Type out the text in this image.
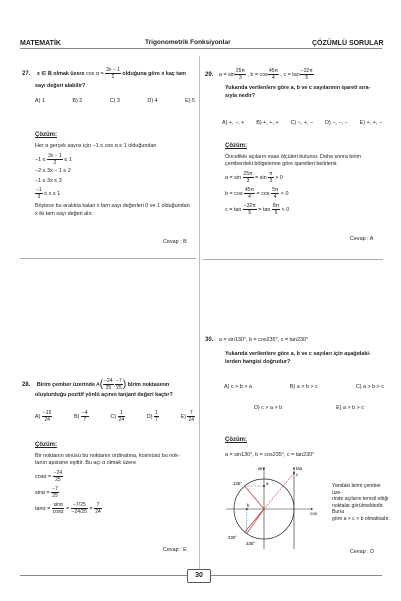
MATEMATİK	Trigonometrik Fonksiyonlar	ÇÖZÜMLÜ SORULAR
27. x ∈ ℝ olmak üzere $\cos \alpha = \frac{3x - 1}{2}$ olduğuna göre x kaç tam
sayı değeri alabilir?
A) 1	B) 2	C) 3	D) 4	E) 5
Çözüm:
Her α gerçek sayısı için −1 ≤ cos α ≤ 1 olduğundan
$-1 \le \frac{3x - 1}{2} \le 1$
−2 ≤ 3x − 1 ≤ 2
−1 ≤ 3x ≤ 3
$\frac{-1}{3} \le x \le 1$
Böylece bu aralıkta kalan x tam sayı değerleri 0 ve 1 olduğundan
x iki tam sayı değeri alır.
Cevap : B
28. Birim çember üzerinde $A( \frac{-24}{25}$ , $\frac{-7}{25}$ ) birim noktasının
oluşturduğu pozitif yönlü açının tanjant değeri kaçtır?
$A) \frac{-15}{24}$	$B) \frac{-4}{7}$	$C) \frac{1}{24}$	$D) \frac{1}{7}$	$E) \frac{7}{24}$
Çözüm:
Bir noktanın sinüsü bu noktanın ordinatına, kosinüsü bu nok-
tanın apsisine eşittir. Bu açı α olmak üzere
$\cos\alpha = \frac{-24}{25}$
$\sin\alpha = \frac{-7}{25}$
$\tan\alpha = \frac{\sin\alpha}{\cos\alpha} = \frac{-7/25}{-24/25} = \frac{7}{24}$
Cevap : E
29. $a = \sin \frac{25\pi}{3}$ , $b = \cos \frac{45\pi}{4}$ , $c = \tan \frac{-32\pi}{5}$
Yukarıda verilenlere göre a, b ve c sayılarının işareti sıra-
sıyla nedir?
A) +, −, + B) +, +, + C) −, +, − D) −, −, − E) +, +, −
Çözüm:
Öncelikle açıların esas ölçüleri bulunur. Daha sonra birim
çemberdeki bölgelerine göre işaretleri belirlenir.
$a = \sin \frac{25\pi}{3} = \sin \frac{\pi}{3} > 0$
$b = \cos \frac{45\pi}{4} = \cos \frac{5\pi}{4} < 0$
$c = \tan \frac{-32\pi}{5} = \tan \frac{8\pi}{5} < 0$
Cevap : A
30. a = sin130°, b = cos235°, c = tan230°
Yukarıda verilenlere göre a, b ve c sayıları için aşağıdaki-
lerden hangisi doğrudur?
A) c > b > a	B) a > b > c	C) a > b > c
D) c > a > b	E) a > b > c
Çözüm:
a = sin130°, b = cos235°, c = tan230°
sin	tan
cos
130°
230°
235°
a
b
c
Yandaki birim çember üze-
rinde açıların temsil ettiği
noktalar görülmektedir. Buna
göre a > c > b olmaktadır.
Cevap : D
30
